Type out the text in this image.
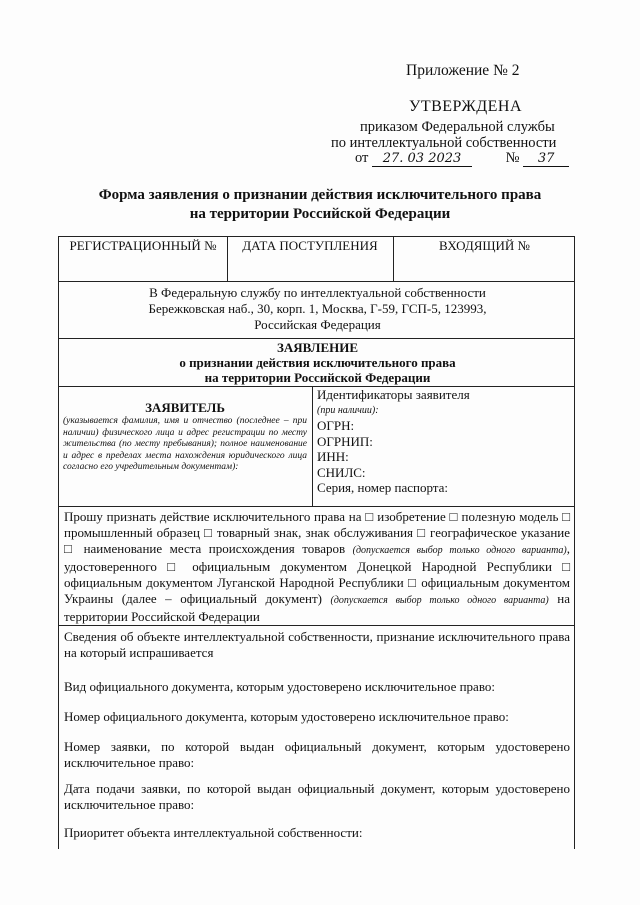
Приложение № 2
УТВЕРЖДЕНА
приказом Федеральной службы
по интеллектуальной собственности
от 27. 03 2023	№ 37
Форма заявления о признании действия исключительного права
на территории Российской Федерации
РЕГИСТРАЦИОННЫЙ №	ДАТА ПОСТУПЛЕНИЯ	ВХОДЯЩИЙ №
В Федеральную службу по интеллектуальной собственности
Бережковская наб., 30, корп. 1, Москва, Г-59, ГСП-5, 123993,
Российская Федерация
ЗАЯВЛЕНИЕ
о признании действия исключительного права
на территории Российской Федерации
ЗАЯВИТЕЛЬ
(указывается фамилия, имя и отчество (последнее – при наличии) физического лица и адрес регистрации по месту жительства (по месту пребывания); полное наименование и адрес в пределах места нахождения юридического лица согласно его учредительным документам):
Идентификаторы заявителя
(при наличии):
ОГРН:
ОГРНИП:
ИНН:
СНИЛС:
Серия, номер паспорта:
Прошу признать действие исключительного права на □ изобретение □ полезную модель □ промышленный образец □ товарный знак, знак обслуживания □ географическое указание □ наименование места происхождения товаров (допускается выбор только одного варианта), удостоверенного □ официальным документом Донецкой Народной Республики □ официальным документом Луганской Народной Республики □ официальным документом Украины (далее – официальный документ) (допускается выбор только одного варианта) на территории Российской Федерации
Сведения об объекте интеллектуальной собственности, признание исключительного права на который испрашивается
Вид официального документа, которым удостоверено исключительное право:
Номер официального документа, которым удостоверено исключительное право:
Номер заявки, по которой выдан официальный документ, которым удостоверено исключительное право:
Дата подачи заявки, по которой выдан официальный документ, которым удостоверено исключительное право:
Приоритет объекта интеллектуальной собственности:
